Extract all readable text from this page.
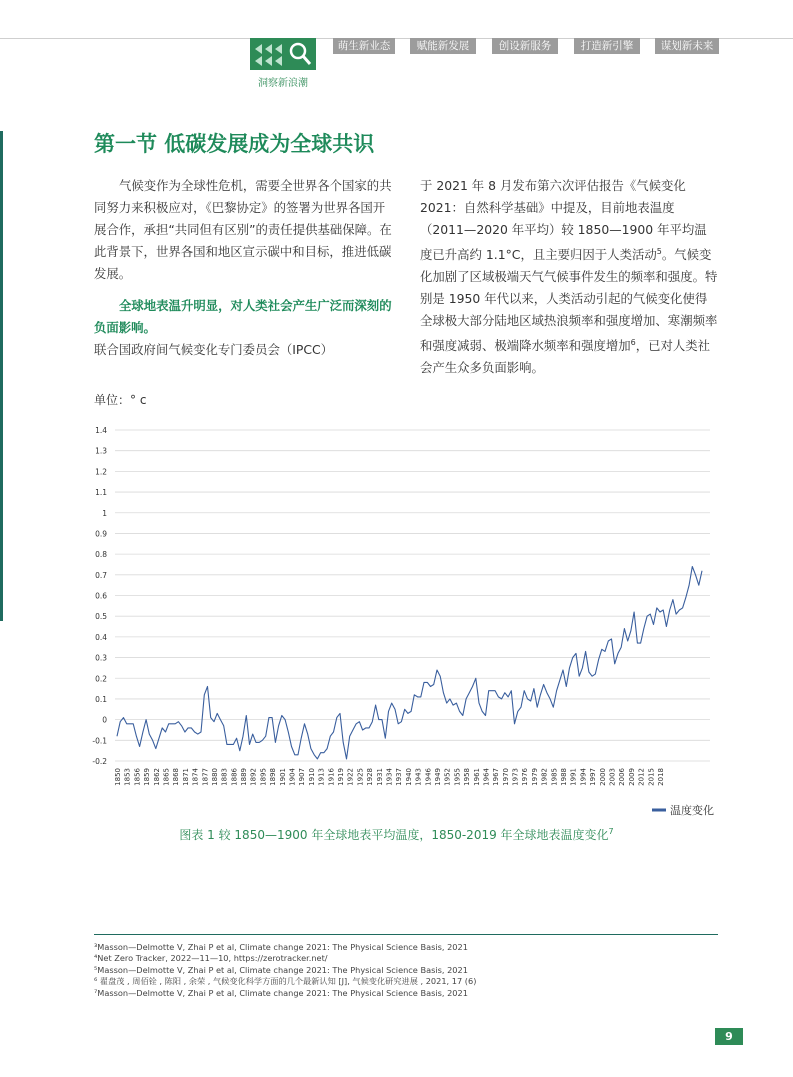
洞察新浪潮
萌生新业态	赋能新发展	创设新服务	打造新引擎	谋划新未来
第一节 低碳发展成为全球共识
气候变作为全球性危机，需要全世界各个国家的共同努力来积极应对，《巴黎协定》的签署为世界各国开展合作，承担“共同但有区别”的责任提供基础保障。在此背景下，世界各国和地区宣示碳中和目标，推进低碳发展。
全球地表温升明显，对人类社会产生广泛而深刻的负面影响。联合国政府间气候变化专门委员会（IPCC）
于 2021 年 8 月发布第六次评估报告《气候变化 2021：自然科学基础》中提及，目前地表温度（2011—2020 年平均）较 1850—1900 年平均温度已升高约 1.1°C，且主要归因于人类活动$^5$。气候变化加剧了区域极端天气气候事件发生的频率和强度。特别是 1950 年代以来，人类活动引起的气候变化使得全球极大部分陆地区域热浪频率和强度增加、寒潮频率和强度减弱、极端降水频率和强度增加$^6$，已对人类社会产生众多负面影响。
单位：° c
-0.2
-0.1
0
0.1
0.2
0.3
0.4
0.5
0.6
0.7
0.8
0.9
1
1.1
1.2
1.3
1.4
1850 1853 1856 1859 1862 1865 1868 1871 1874 1877 1880 1883 1886 1889 1892 1895 1898 1901 1904 1907 1910 1913 1916 1919 1922 1925 1928 1931 1934 1937 1940 1943 1946 1949 1952 1955 1958 1961 1964 1967 1970 1973 1976 1979 1982 1985 1988 1991 1994 1997 2000 2003 2006 2009 2012 2015 2018
温度变化
图表 1 较 1850—1900 年全球地表平均温度，1850-2019 年全球地表温度变化$^7$
³Masson—Delmotte V, Zhai P et al, Climate change 2021: The Physical Science Basis, 2021
⁴Net Zero Tracker, 2022—11—10, https://zerotracker.net/
⁵Masson—Delmotte V, Zhai P et al, Climate change 2021: The Physical Science Basis, 2021
⁶ 翟盘茂 , 周佰铨 , 陈阳 , 余荣 , 气候变化科学方面的几个最新认知 [J], 气候变化研究进展 , 2021, 17 (6)
⁷Masson—Delmotte V, Zhai P et al, Climate change 2021: The Physical Science Basis, 2021
9
